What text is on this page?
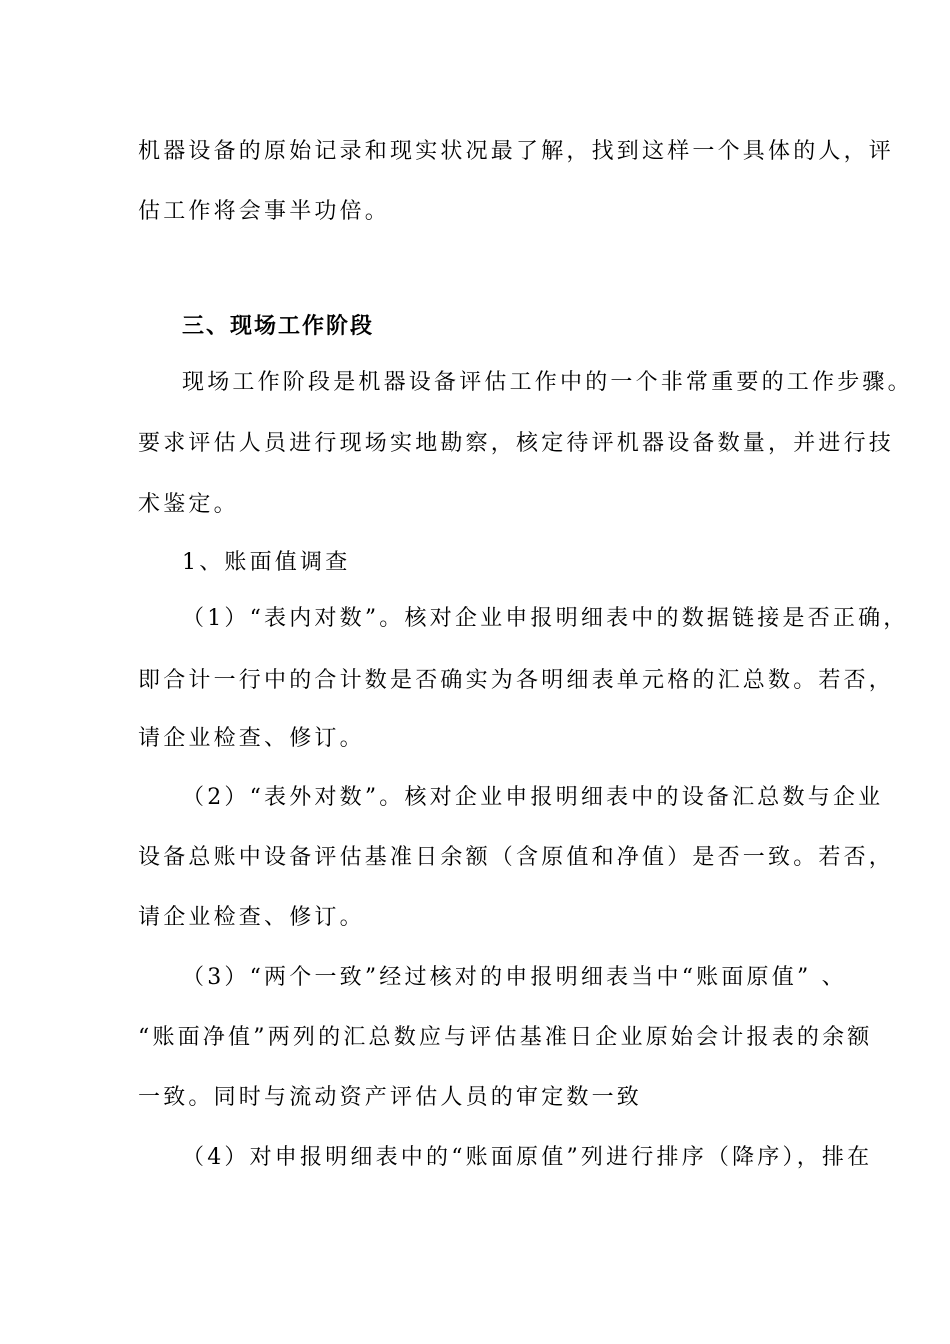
机器设备的原始记录和现实状况最了解，找到这样一个具体的人，评
估工作将会事半功倍。
三、现场工作阶段
现场工作阶段是机器设备评估工作中的一个非常重要的工作步骤。
要求评估人员进行现场实地勘察，核定待评机器设备数量，并进行技
术鉴定。
1、账面值调查
（1）“表内对数”。核对企业申报明细表中的数据链接是否正确，
即合计一行中的合计数是否确实为各明细表单元格的汇总数。若否，
请企业检查、修订。
（2）“表外对数”。核对企业申报明细表中的设备汇总数与企业
设备总账中设备评估基准日余额（含原值和净值）是否一致。若否，
请企业检查、修订。
（3）“两个一致”经过核对的申报明细表当中“账面原值” 、
“账面净值”两列的汇总数应与评估基准日企业原始会计报表的余额
一致。同时与流动资产评估人员的审定数一致
（4）对申报明细表中的“账面原值”列进行排序（降序），排在
